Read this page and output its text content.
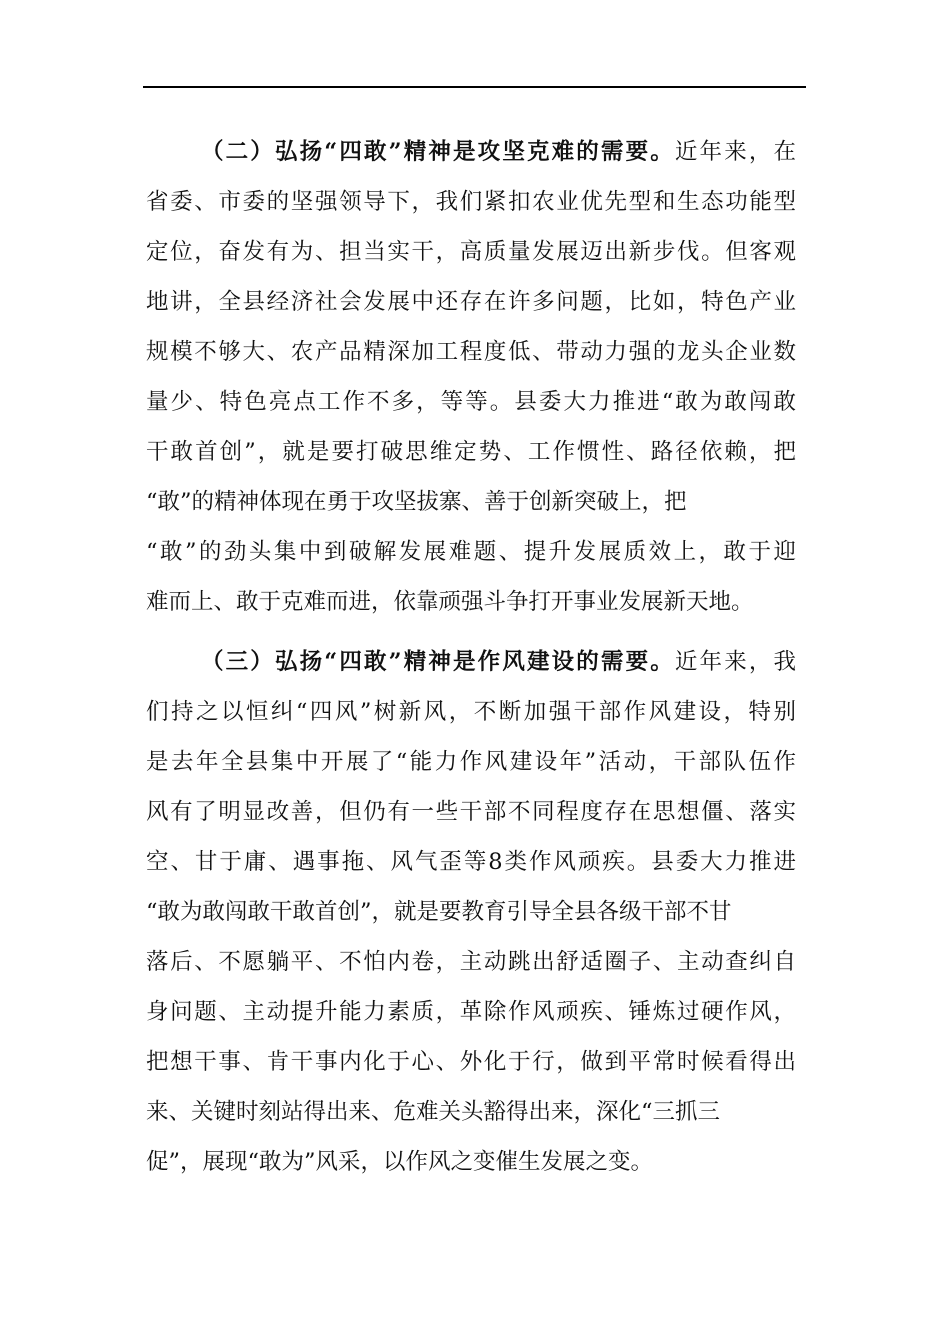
（二）弘扬“四敢”精神是攻坚克难的需要。近年来，在
省委、市委的坚强领导下，我们紧扣农业优先型和生态功能型
定位，奋发有为、担当实干，高质量发展迈出新步伐。但客观
地讲，全县经济社会发展中还存在许多问题，比如，特色产业
规模不够大、农产品精深加工程度低、带动力强的龙头企业数
量少、特色亮点工作不多，等等。县委大力推进“敢为敢闯敢
干敢首创”，就是要打破思维定势、工作惯性、路径依赖，把
“敢”的精神体现在勇于攻坚拔寨、善于创新突破上，把
“敢”的劲头集中到破解发展难题、提升发展质效上，敢于迎
难而上、敢于克难而进，依靠顽强斗争打开事业发展新天地。
（三）弘扬“四敢”精神是作风建设的需要。近年来，我
们持之以恒纠“四风”树新风，不断加强干部作风建设，特别
是去年全县集中开展了“能力作风建设年”活动，干部队伍作
风有了明显改善，但仍有一些干部不同程度存在思想僵、落实
空、甘于庸、遇事拖、风气歪等8类作风顽疾。县委大力推进
“敢为敢闯敢干敢首创”，就是要教育引导全县各级干部不甘
落后、不愿躺平、不怕内卷，主动跳出舒适圈子、主动查纠自
身问题、主动提升能力素质，革除作风顽疾、锤炼过硬作风，
把想干事、肯干事内化于心、外化于行，做到平常时候看得出
来、关键时刻站得出来、危难关头豁得出来，深化“三抓三
促”，展现“敢为”风采，以作风之变催生发展之变。
